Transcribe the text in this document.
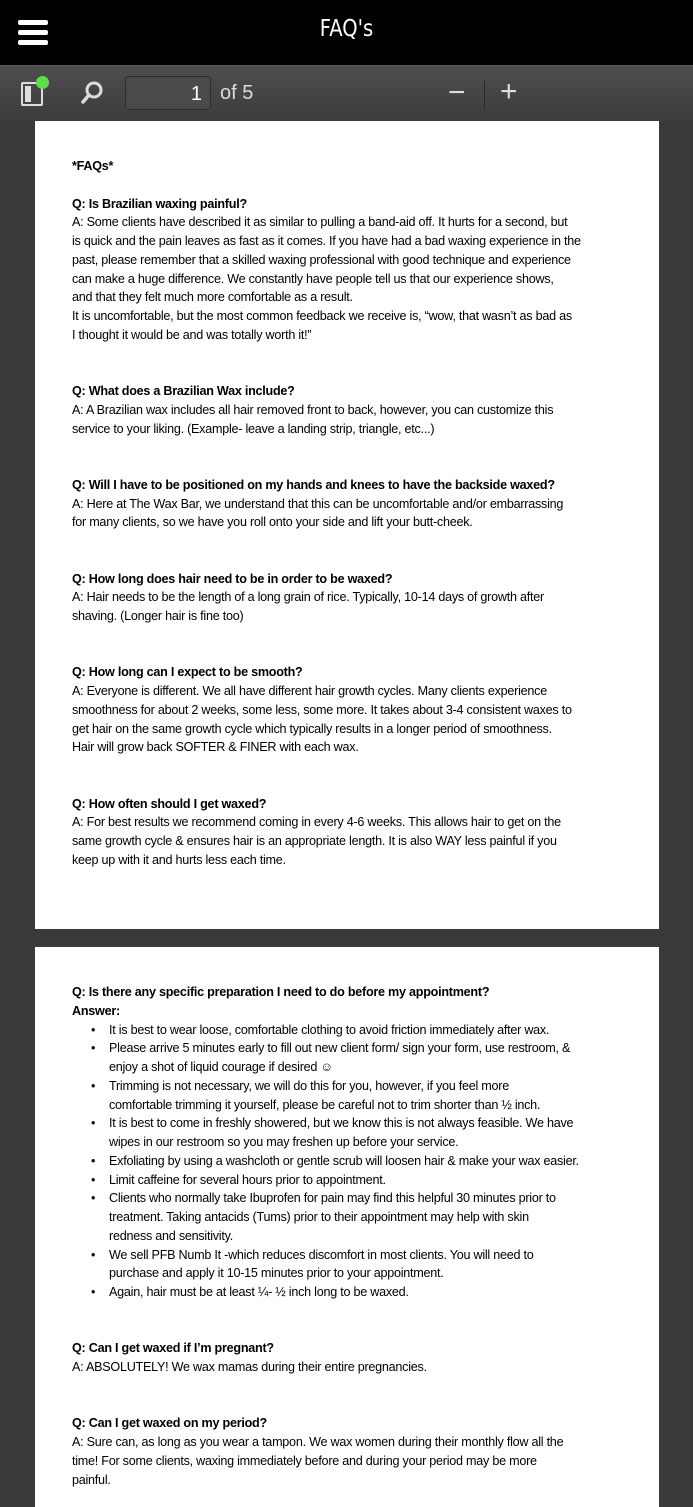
FAQ's
1 of 5	− +
*FAQs*
Q: Is Brazilian waxing painful?
A: Some clients have described it as similar to pulling a band-aid off. It hurts for a second, but
is quick and the pain leaves as fast as it comes. If you have had a bad waxing experience in the
past, please remember that a skilled waxing professional with good technique and experience
can make a huge difference. We constantly have people tell us that our experience shows,
and that they felt much more comfortable as a result.
It is uncomfortable, but the most common feedback we receive is, “wow, that wasn’t as bad as
I thought it would be and was totally worth it!”
Q: What does a Brazilian Wax include?
A: A Brazilian wax includes all hair removed front to back, however, you can customize this
service to your liking. (Example- leave a landing strip, triangle, etc...)
Q: Will I have to be positioned on my hands and knees to have the backside waxed?
A: Here at The Wax Bar, we understand that this can be uncomfortable and/or embarrassing
for many clients, so we have you roll onto your side and lift your butt-cheek.
Q: How long does hair need to be in order to be waxed?
A: Hair needs to be the length of a long grain of rice. Typically, 10-14 days of growth after
shaving. (Longer hair is fine too)
Q: How long can I expect to be smooth?
A: Everyone is different. We all have different hair growth cycles. Many clients experience
smoothness for about 2 weeks, some less, some more. It takes about 3-4 consistent waxes to
get hair on the same growth cycle which typically results in a longer period of smoothness.
Hair will grow back SOFTER & FINER with each wax.
Q: How often should I get waxed?
A: For best results we recommend coming in every 4-6 weeks. This allows hair to get on the
same growth cycle & ensures hair is an appropriate length. It is also WAY less painful if you
keep up with it and hurts less each time.
Q: Is there any specific preparation I need to do before my appointment?
Answer:
• It is best to wear loose, comfortable clothing to avoid friction immediately after wax.
• Please arrive 5 minutes early to fill out new client form/ sign your form, use restroom, &
enjoy a shot of liquid courage if desired ☺
• Trimming is not necessary, we will do this for you, however, if you feel more
comfortable trimming it yourself, please be careful not to trim shorter than ½ inch.
• It is best to come in freshly showered, but we know this is not always feasible. We have
wipes in our restroom so you may freshen up before your service.
• Exfoliating by using a washcloth or gentle scrub will loosen hair & make your wax easier.
• Limit caffeine for several hours prior to appointment.
• Clients who normally take Ibuprofen for pain may find this helpful 30 minutes prior to
treatment. Taking antacids (Tums) prior to their appointment may help with skin
redness and sensitivity.
• We sell PFB Numb It -which reduces discomfort in most clients. You will need to
purchase and apply it 10-15 minutes prior to your appointment.
• Again, hair must be at least ¼- ½ inch long to be waxed.
Q: Can I get waxed if I’m pregnant?
A: ABSOLUTELY! We wax mamas during their entire pregnancies.
Q: Can I get waxed on my period?
A: Sure can, as long as you wear a tampon. We wax women during their monthly flow all the
time! For some clients, waxing immediately before and during your period may be more
painful.
